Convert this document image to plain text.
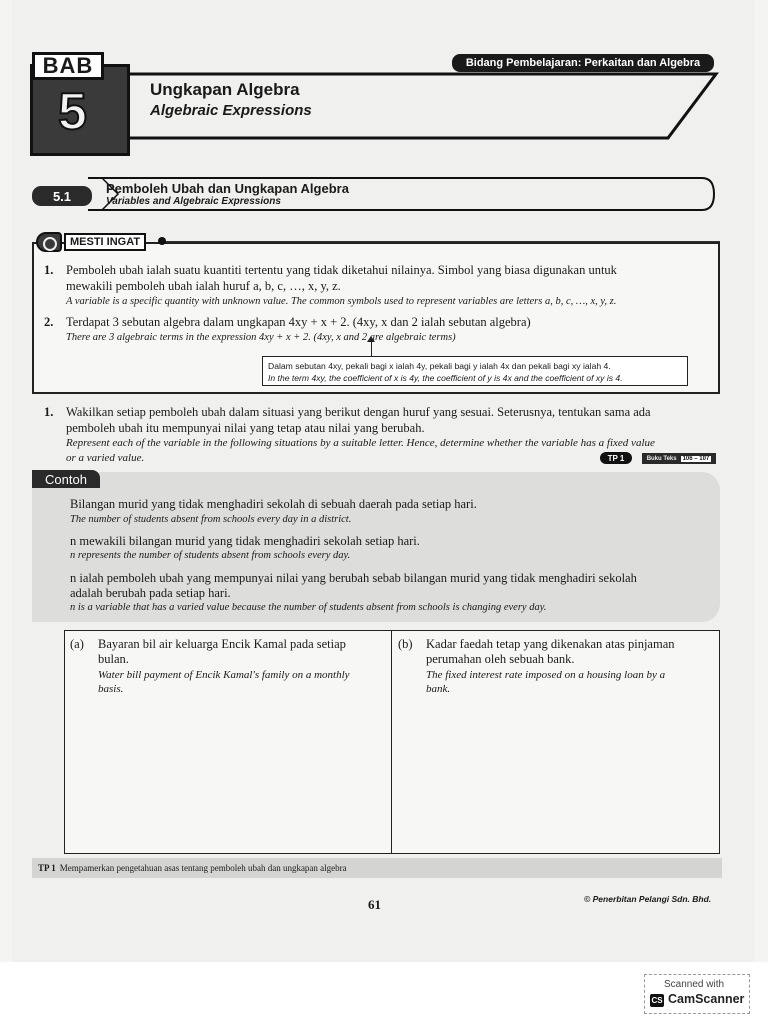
BAB
5
Bidang Pembelajaran: Perkaitan dan Algebra
Ungkapan Algebra
Algebraic Expressions
5.1	Pemboleh Ubah dan Ungkapan Algebra
Variables and Algebraic Expressions
MESTI INGAT
1. Pemboleh ubah ialah suatu kuantiti tertentu yang tidak diketahui nilainya. Simbol yang biasa digunakan untuk
mewakili pemboleh ubah ialah huruf a, b, c, …, x, y, z.
A variable is a specific quantity with unknown value. The common symbols used to represent variables are letters a, b, c, …, x, y, z.
2. Terdapat 3 sebutan algebra dalam ungkapan 4xy + x + 2. (4xy, x dan 2 ialah sebutan algebra)
There are 3 algebraic terms in the expression 4xy + x + 2. (4xy, x and 2 are algebraic terms)
Dalam sebutan 4xy, pekali bagi x ialah 4y, pekali bagi y ialah 4x dan pekali bagi xy ialah 4.
In the term 4xy, the coefficient of x is 4y, the coefficient of y is 4x and the coefficient of xy is 4.
1. Wakilkan setiap pemboleh ubah dalam situasi yang berikut dengan huruf yang sesuai. Seterusnya, tentukan sama ada
pemboleh ubah itu mempunyai nilai yang tetap atau nilai yang berubah.
Represent each of the variable in the following situations by a suitable letter. Hence, determine whether the variable has a fixed value
or a varied value.	TP 1	Buku Teks	106 – 107
Contoh
Bilangan murid yang tidak menghadiri sekolah di sebuah daerah pada setiap hari.
The number of students absent from schools every day in a district.
n mewakili bilangan murid yang tidak menghadiri sekolah setiap hari.
n represents the number of students absent from schools every day.
n ialah pemboleh ubah yang mempunyai nilai yang berubah sebab bilangan murid yang tidak menghadiri sekolah
adalah berubah pada setiap hari.
n is a variable that has a varied value because the number of students absent from schools is changing every day.
(a) Bayaran bil air keluarga Encik Kamal pada setiap
bulan.
Water bill payment of Encik Kamal's family on a monthly
basis.
(b) Kadar faedah tetap yang dikenakan atas pinjaman
perumahan oleh sebuah bank.
The fixed interest rate imposed on a housing loan by a
bank.
TP 1 Mempamerkan pengetahuan asas tentang pemboleh ubah dan ungkapan algebra
61	© Penerbitan Pelangi Sdn. Bhd.
Scanned with
CS CamScanner
